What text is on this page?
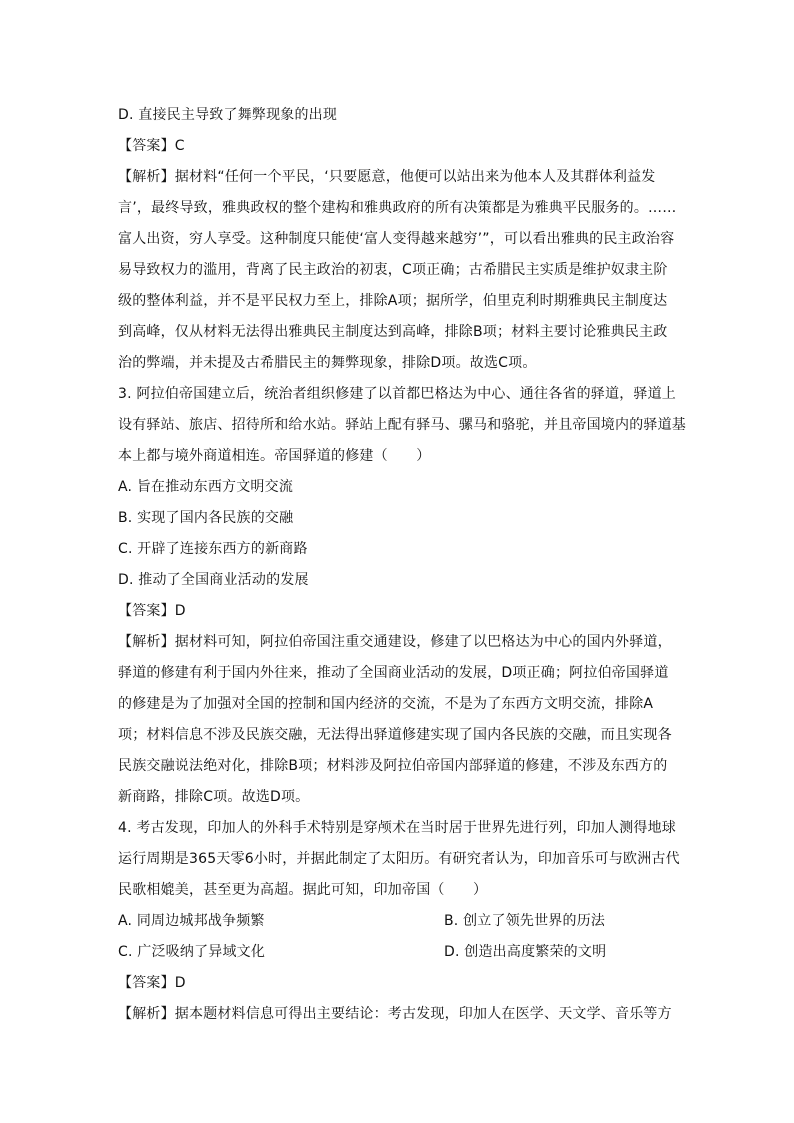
D. 直接民主导致了舞弊现象的出现
【答案】C
【解析】据材料“任何一个平民，‘只要愿意，他便可以站出来为他本人及其群体利益发
言’，最终导致，雅典政权的整个建构和雅典政府的所有决策都是为雅典平民服务的。……
富人出资，穷人享受。这种制度只能使‘富人变得越来越穷’”，可以看出雅典的民主政治容
易导致权力的滥用，背离了民主政治的初衷，C项正确；古希腊民主实质是维护奴隶主阶
级的整体利益，并不是平民权力至上，排除A项；据所学，伯里克利时期雅典民主制度达
到高峰，仅从材料无法得出雅典民主制度达到高峰，排除B项；材料主要讨论雅典民主政
治的弊端，并未提及古希腊民主的舞弊现象，排除D项。故选C项。
3. 阿拉伯帝国建立后，统治者组织修建了以首都巴格达为中心、通往各省的驿道，驿道上
设有驿站、旅店、招待所和给水站。驿站上配有驿马、骡马和骆驼，并且帝国境内的驿道基
本上都与境外商道相连。帝国驿道的修建（　　）
A. 旨在推动东西方文明交流
B. 实现了国内各民族的交融
C. 开辟了连接东西方的新商路
D. 推动了全国商业活动的发展
【答案】D
【解析】据材料可知，阿拉伯帝国注重交通建设，修建了以巴格达为中心的国内外驿道，
驿道的修建有利于国内外往来，推动了全国商业活动的发展，D项正确；阿拉伯帝国驿道
的修建是为了加强对全国的控制和国内经济的交流，不是为了东西方文明交流，排除A
项；材料信息不涉及民族交融，无法得出驿道修建实现了国内各民族的交融，而且实现各
民族交融说法绝对化，排除B项；材料涉及阿拉伯帝国内部驿道的修建，不涉及东西方的
新商路，排除C项。故选D项。
4. 考古发现，印加人的外科手术特别是穿颅术在当时居于世界先进行列，印加人测得地球
运行周期是365天零6小时，并据此制定了太阳历。有研究者认为，印加音乐可与欧洲古代
民歌相媲美，甚至更为高超。据此可知，印加帝国（　　）
A. 同周边城邦战争频繁	B. 创立了领先世界的历法
C. 广泛吸纳了异域文化	D. 创造出高度繁荣的文明
【答案】D
【解析】据本题材料信息可得出主要结论：考古发现，印加人在医学、天文学、音乐等方
